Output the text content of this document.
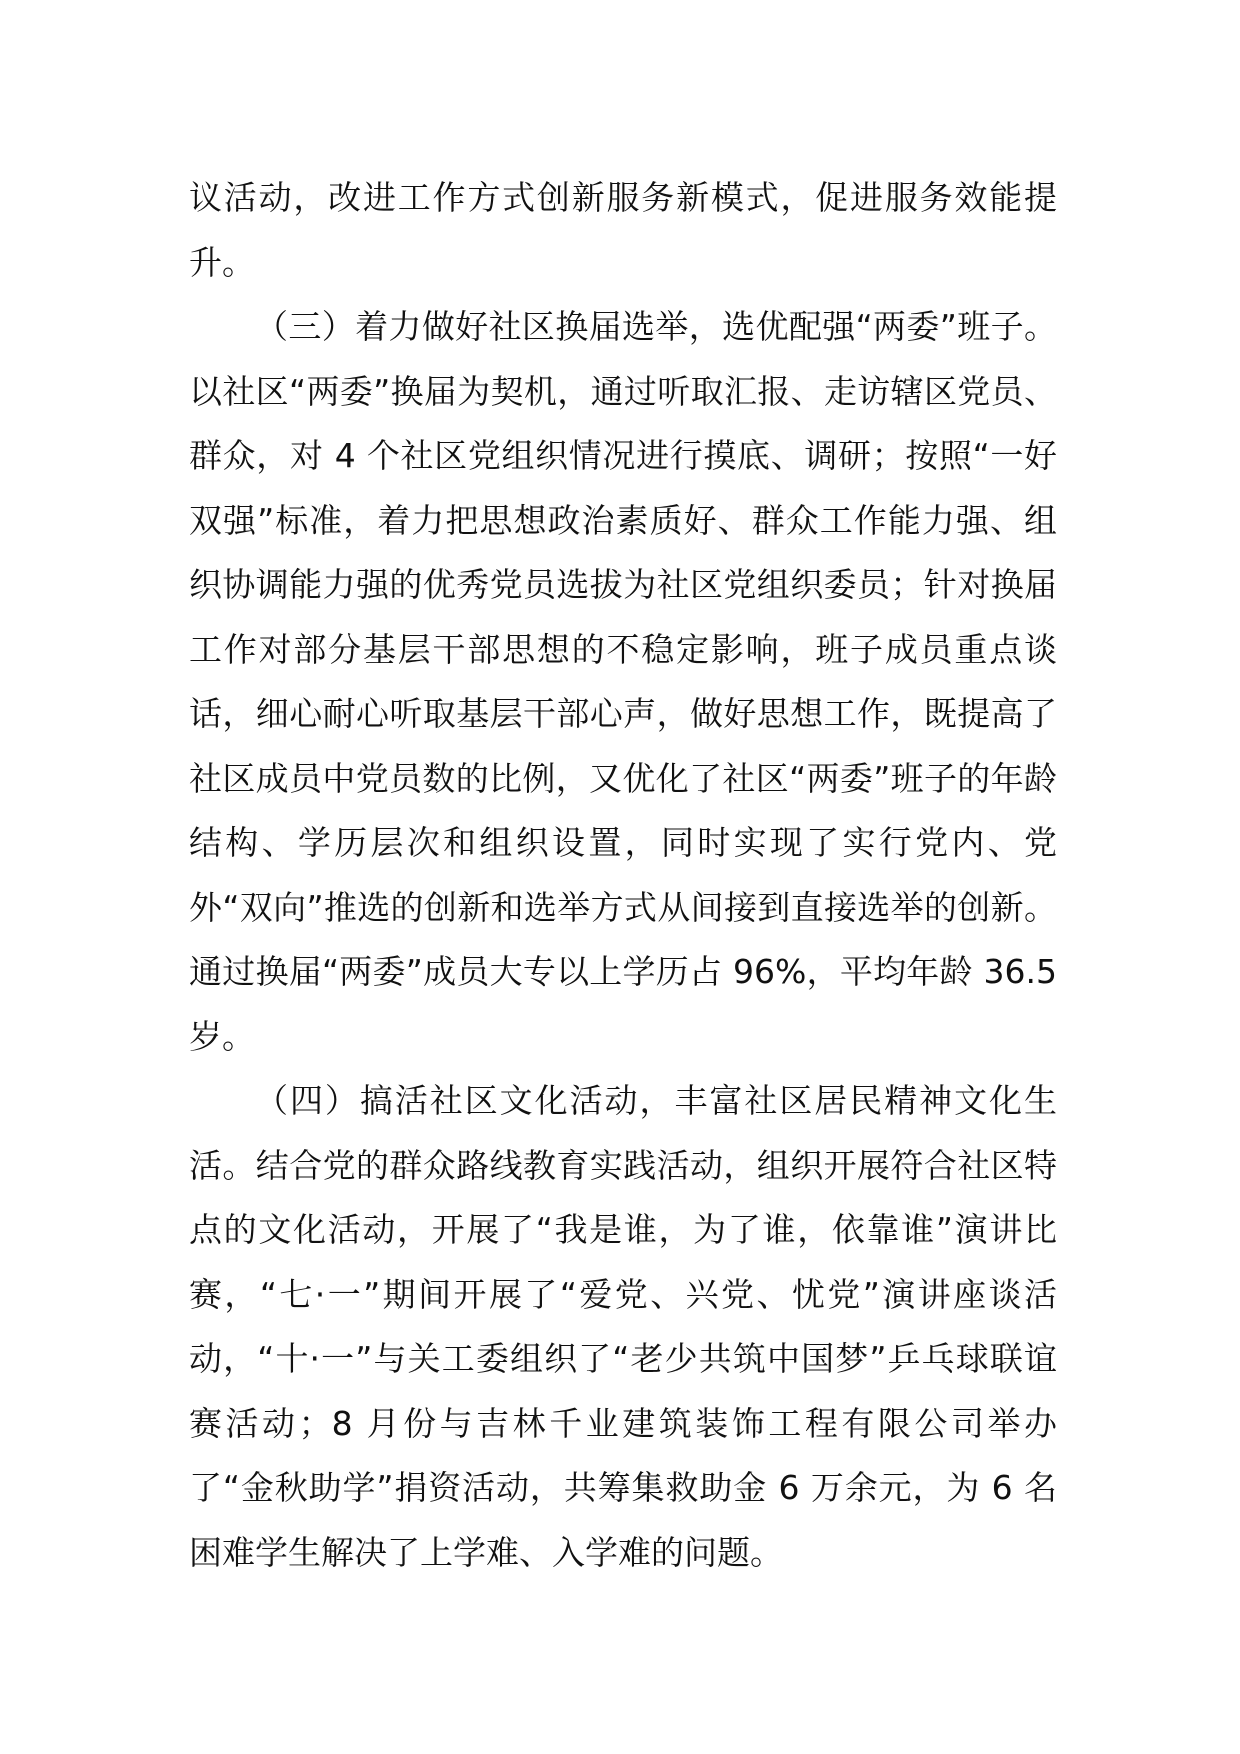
议活动，改进工作方式创新服务新模式，促进服务效能提升。

（三）着力做好社区换届选举，选优配强“两委”班子。以社区“两委”换届为契机，通过听取汇报、走访辖区党员、群众，对 4 个社区党组织情况进行摸底、调研；按照“一好双强”标准，着力把思想政治素质好、群众工作能力强、组织协调能力强的优秀党员选拔为社区党组织委员；针对换届工作对部分基层干部思想的不稳定影响，班子成员重点谈话，细心耐心听取基层干部心声，做好思想工作，既提高了社区成员中党员数的比例，又优化了社区“两委”班子的年龄结构、学历层次和组织设置，同时实现了实行党内、党外“双向”推选的创新和选举方式从间接到直接选举的创新。通过换届“两委”成员大专以上学历占 96%，平均年龄 36.5 岁。

（四）搞活社区文化活动，丰富社区居民精神文化生活。结合党的群众路线教育实践活动，组织开展符合社区特点的文化活动，开展了“我是谁，为了谁，依靠谁”演讲比赛，“七·一”期间开展了“爱党、兴党、忧党”演讲座谈活动，“十·一”与关工委组织了“老少共筑中国梦”乒乓球联谊赛活动；8 月份与吉林千业建筑装饰工程有限公司举办了“金秋助学”捐资活动，共筹集救助金 6 万余元，为 6 名困难学生解决了上学难、入学难的问题。
